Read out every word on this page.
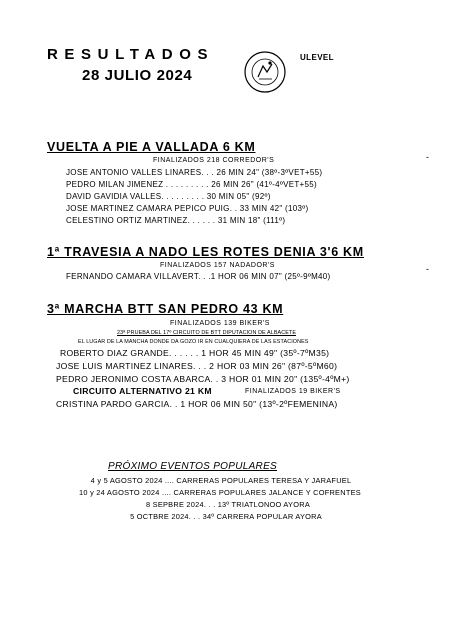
RESULTADOS
28 JULIO 2024
ULEVEL
-
-
VUELTA A PIE A VALLADA 6 KM
FINALIZADOS 218 CORREDOR'S
JOSE ANTONIO VALLES LINARES. . . 26 MIN 24" (38º-3ºVET+55)
PEDRO MILAN JIMENEZ . . . . . . . . . 26 MIN 26" (41º-4ºVET+55)
DAVID GAVIDIA VALLES. . . . . . . . . 30 MIN 05" (92º)
JOSE MARTINEZ CAMARA PEPICO PUIG. . 33 MIN 42" (103º)
CELESTINO ORTIZ MARTINEZ. . . . . . 31 MIN 18" (111º)
1ª TRAVESIA A NADO LES ROTES DENIA 3'6 KM
FINALIZADOS 157 NADADOR'S
FERNANDO CAMARA VILLAVERT. . .1 HOR 06 MIN 07" (25º-9ºM40)
3ª MARCHA BTT SAN PEDRO 43 KM
FINALIZADOS 139 BIKER'S
23ª PRUEBA DEL 17º CIRCUITO DE BTT DIPUTACION DE ALBACETE
EL LUGAR DE LA MANCHA DONDE DA GOZO IR EN CUALQUIERA DE LAS ESTACIONES
ROBERTO DIAZ GRANDE. . . . . . 1 HOR 45 MIN 49" (35º-7ºM35)
JOSE LUIS MARTINEZ LINARES. . . 2 HOR 03 MIN 26" (87º-5ºM60)
PEDRO JERONIMO COSTA ABARCA. . 3 HOR 01 MIN 20" (135º-4ºM+)
CIRCUITO ALTERNATIVO 21 KM	FINALIZADOS 19 BIKER'S
CRISTINA PARDO GARCIA. . 1 HOR 06 MIN 50" (13º-2ºFEMENINA)
PRÓXIMO EVENTOS POPULARES
4 y 5 AGOSTO 2024 .... CARRERAS POPULARES TERESA Y JARAFUEL
10 y 24 AGOSTO 2024 .... CARRERAS POPULARES JALANCE Y COFRENTES
8 SEPBRE 2024. . . 13º TRIATLONOO AYORA
5 OCTBRE 2024. . . 34º CARRERA POPULAR AYORA
